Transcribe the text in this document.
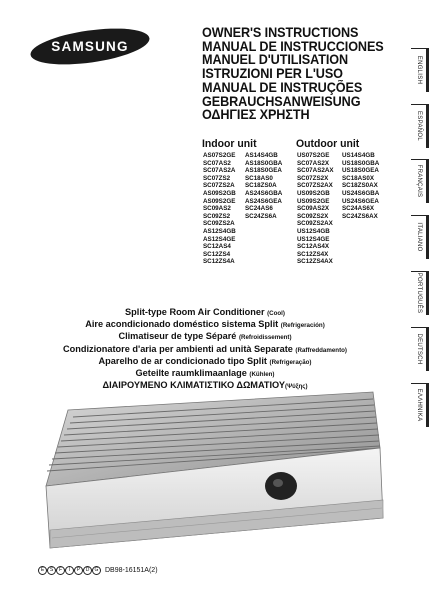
SAMSUNG
OWNER'S INSTRUCTIONS
MANUAL DE INSTRUCCIONES
MANUEL D'UTILISATION
ISTRUZIONI PER L'USO
MANUAL DE INSTRUÇÕES
GEBRAUCHSANWEISUNG
ΟΔΗΓΙΕΣ ΧΡΗΣΤΗ
Indoor unit	Outdoor unit
AS07S2GE
SC07AS2
SC07AS2A
SC07ZS2
SC07ZS2A
AS09S2GB
AS09S2GE
SC09AS2
SC09ZS2
SC09ZS2A
AS12S4GB
AS12S4GE
SC12AS4
SC12ZS4
SC12ZS4A
AS14S4GB
AS18S0GBA
AS18S0GEA
SC18AS0
SC18ZS0A
AS24S6GBA
AS24S6GEA
SC24AS6
SC24ZS6A
US07S2GE
SC07AS2X
SC07AS2AX
SC07ZS2X
SC07ZS2AX
US09S2GB
US09S2GE
SC09AS2X
SC09ZS2X
SC09ZS2AX
US12S4GB
US12S4GE
SC12AS4X
SC12ZS4X
SC12ZS4AX
US14S4GB
US18S0GBA
US18S0GEA
SC18AS0X
SC18ZS0AX
US24S6GBA
US24S6GEA
SC24AS6X
SC24ZS6AX
ENGLISH
ESPAÑOL
FRANÇAIS
ITALIANO
PORTUGUÊS
DEUTSCH
ΕΛΛΗΝΙΚΑ
Split-type Room Air Conditioner (Cool)
Aire acondicionado doméstico sistema Split (Refrigeración)
Climatiseur de type Séparé (Refroidissement)
Condizionatore d'aria per ambienti ad unità Separate (Raffreddamento)
Aparelho de ar condicionado tipo Split (Refrigeração)
Geteilte raumklimaanlage (Kühlen)
ΔΙΑΙΡΟΥΜΕΝΟ ΚΛΙΜΑΤΙΣΤΙΚΟ ΔΩΜΑΤΙΟΥ(Ψύξης)
E S F I P D G DB98-16151A(2)
